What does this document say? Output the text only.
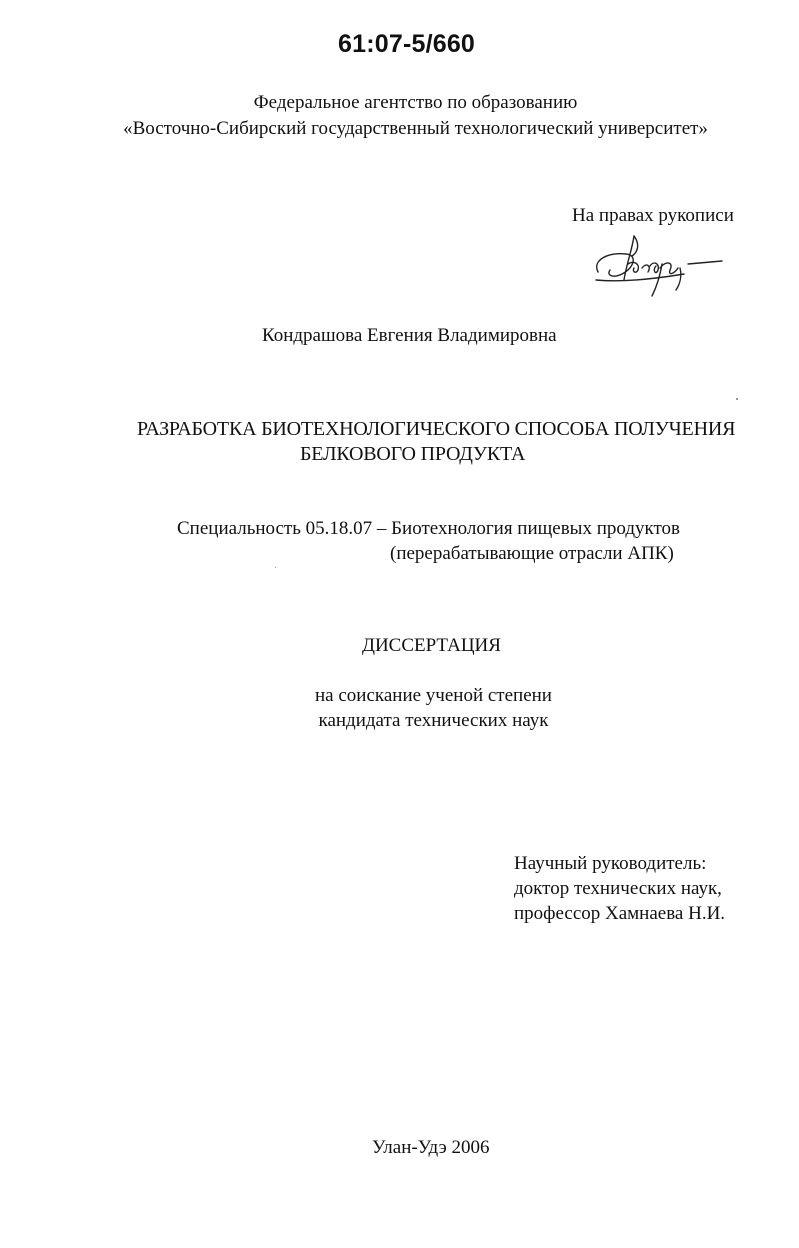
61:07-5/660
Федеральное агентство по образованию
«Восточно-Сибирский государственный технологический университет»
На правах рукописи
Кондрашова Евгения Владимировна
РАЗРАБОТКА БИОТЕХНОЛОГИЧЕСКОГО СПОСОБА ПОЛУЧЕНИЯ
БЕЛКОВОГО ПРОДУКТА
Специальность 05.18.07 – Биотехнология пищевых продуктов
(перерабатывающие отрасли АПК)
ДИССЕРТАЦИЯ
на соискание ученой степени
кандидата технических наук
Научный руководитель:
доктор технических наук,
профессор Хамнаева Н.И.
Улан-Удэ 2006
